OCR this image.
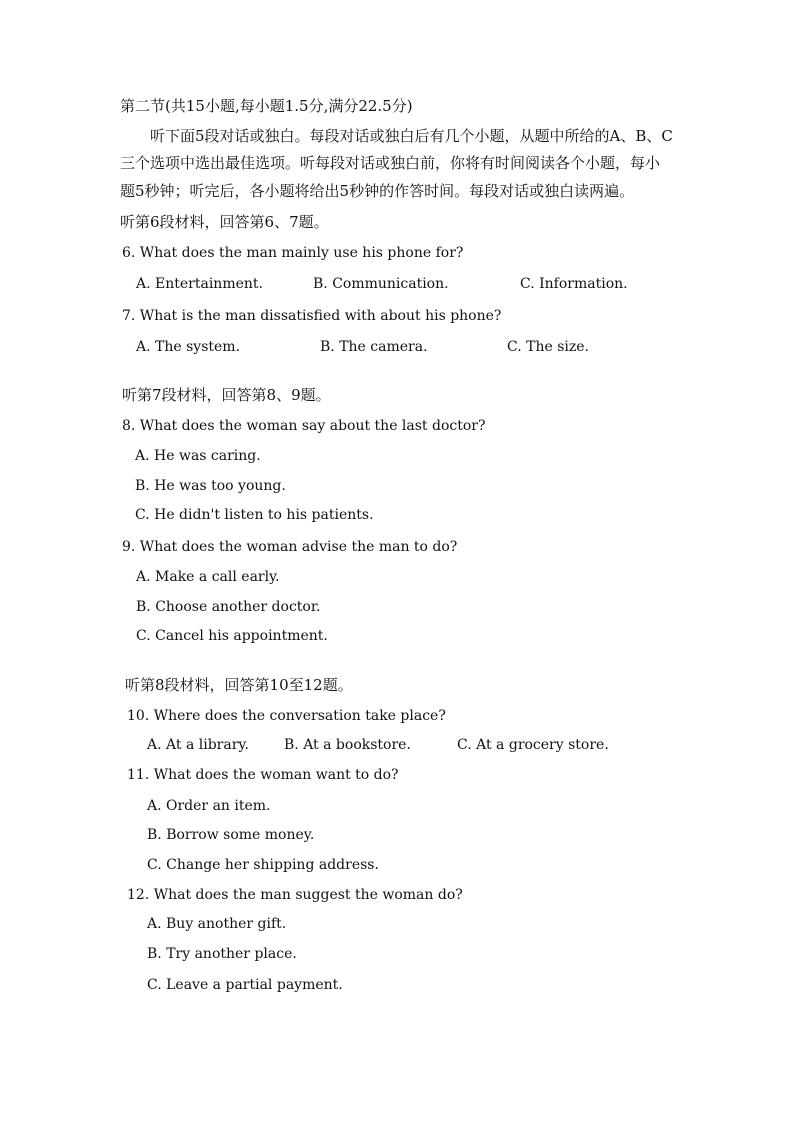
第二节(共15小题,每小题1.5分,满分22.5分)
听下面5段对话或独白。每段对话或独白后有几个小题，从题中所给的A、B、C
三个选项中选出最佳选项。听每段对话或独白前，你将有时间阅读各个小题，每小
题5秒钟；听完后，各小题将给出5秒钟的作答时间。每段对话或独白读两遍。
听第6段材料，回答第6、7题。
6. What does the man mainly use his phone for?
A. Entertainment.	B. Communication.	C. Information.
7. What is the man dissatisfied with about his phone?
A. The system.	B. The camera.	C. The size.
听第7段材料，回答第8、9题。
8. What does the woman say about the last doctor?
A. He was caring.
B. He was too young.
C. He didn't listen to his patients.
9. What does the woman advise the man to do?
A. Make a call early.
B. Choose another doctor.
C. Cancel his appointment.
听第8段材料，回答第10至12题。
10. Where does the conversation take place?
A. At a library.	B. At a bookstore.	C. At a grocery store.
11. What does the woman want to do?
A. Order an item.
B. Borrow some money.
C. Change her shipping address.
12. What does the man suggest the woman do?
A. Buy another gift.
B. Try another place.
C. Leave a partial payment.
